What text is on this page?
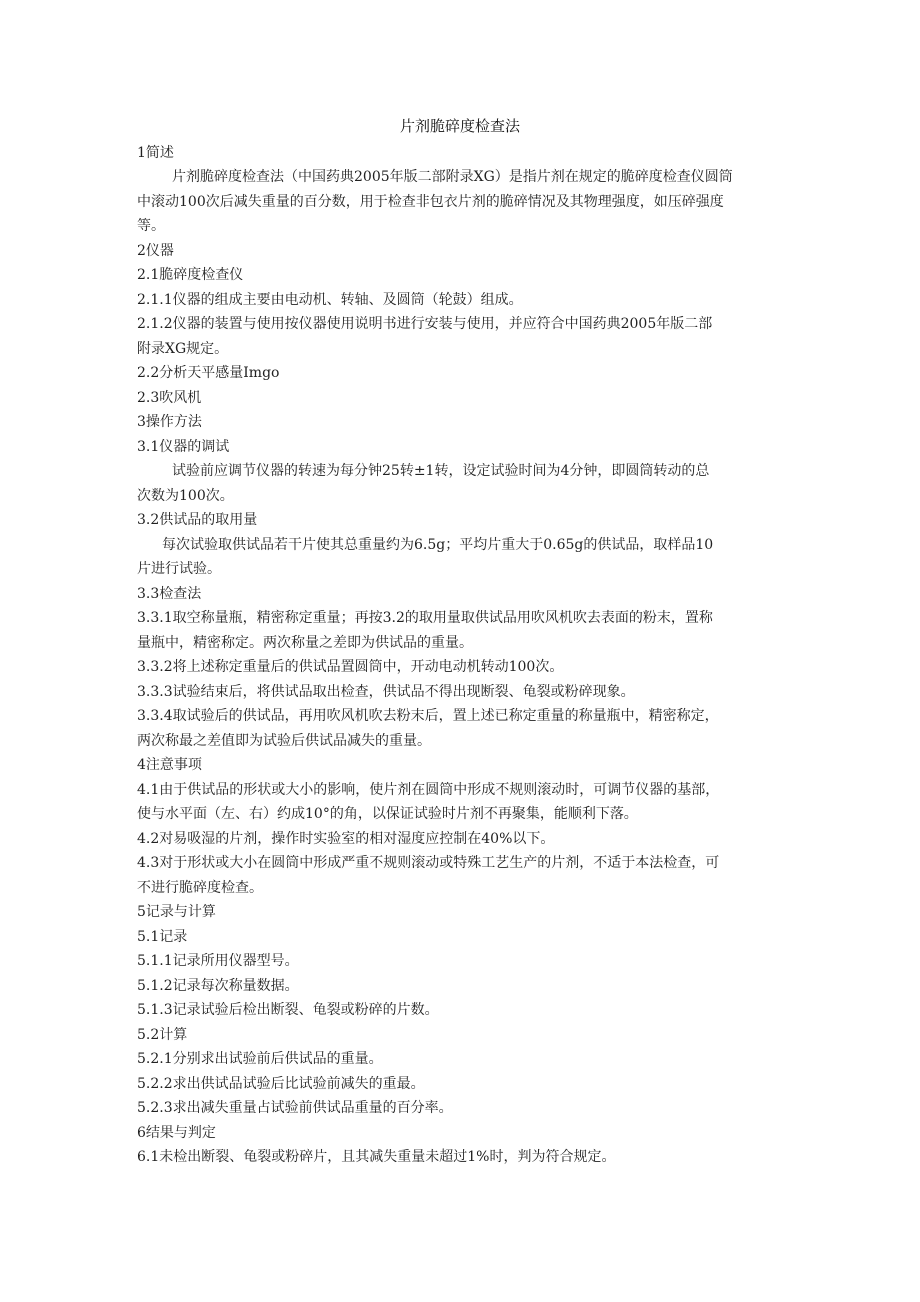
片剂脆碎度检查法
1简述
片剂脆碎度检查法（中国药典2005年版二部附录XG）是指片剂在规定的脆碎度检查仪圆筒
中滚动100次后减失重量的百分数，用于检查非包衣片剂的脆碎情况及其物理强度，如压碎强度
等。
2仪器
2.1脆碎度检查仪
2.1.1仪器的组成主要由电动机、转轴、及圆筒（轮鼓）组成。
2.1.2仪器的装置与使用按仪器使用说明书进行安装与使用，并应符合中国药典2005年版二部
附录XG规定。
2.2分析天平感量Imgo
2.3吹风机
3操作方法
3.1仪器的调试
试验前应调节仪器的转速为每分钟25转±1转，设定试验时间为4分钟，即圆筒转动的总
次数为100次。
3.2供试品的取用量
每次试验取供试品若干片使其总重量约为6.5g；平均片重大于0.65g的供试品，取样品10
片进行试验。
3.3检查法
3.3.1取空称量瓶，精密称定重量；再按3.2的取用量取供试品用吹风机吹去表面的粉末，置称
量瓶中，精密称定。两次称量之差即为供试品的重量。
3.3.2将上述称定重量后的供试品置圆筒中，开动电动机转动100次。
3.3.3试验结束后，将供试品取出检查，供试品不得出现断裂、龟裂或粉碎现象。
3.3.4取试验后的供试品，再用吹风机吹去粉末后，置上述已称定重量的称量瓶中，精密称定，
两次称最之差值即为试验后供试品减失的重量。
4注意事项
4.1由于供试品的形状或大小的影响，使片剂在圆筒中形成不规则滚动时，可调节仪器的基部，
使与水平面（左、右）约成10°的角，以保证试验时片剂不再聚集，能顺利下落。
4.2对易吸湿的片剂，操作时实验室的相对湿度应控制在40%以下。
4.3对于形状或大小在圆筒中形成严重不规则滚动或特殊工艺生产的片剂，不适于本法检查，可
不进行脆碎度检查。
5记录与计算
5.1记录
5.1.1记录所用仪器型号。
5.1.2记录每次称量数据。
5.1.3记录试验后检出断裂、龟裂或粉碎的片数。
5.2计算
5.2.1分别求出试验前后供试品的重量。
5.2.2求出供试品试验后比试验前减失的重最。
5.2.3求出减失重量占试验前供试品重量的百分率。
6结果与判定
6.1未检出断裂、龟裂或粉碎片，且其减失重量未超过1%时，判为符合规定。
